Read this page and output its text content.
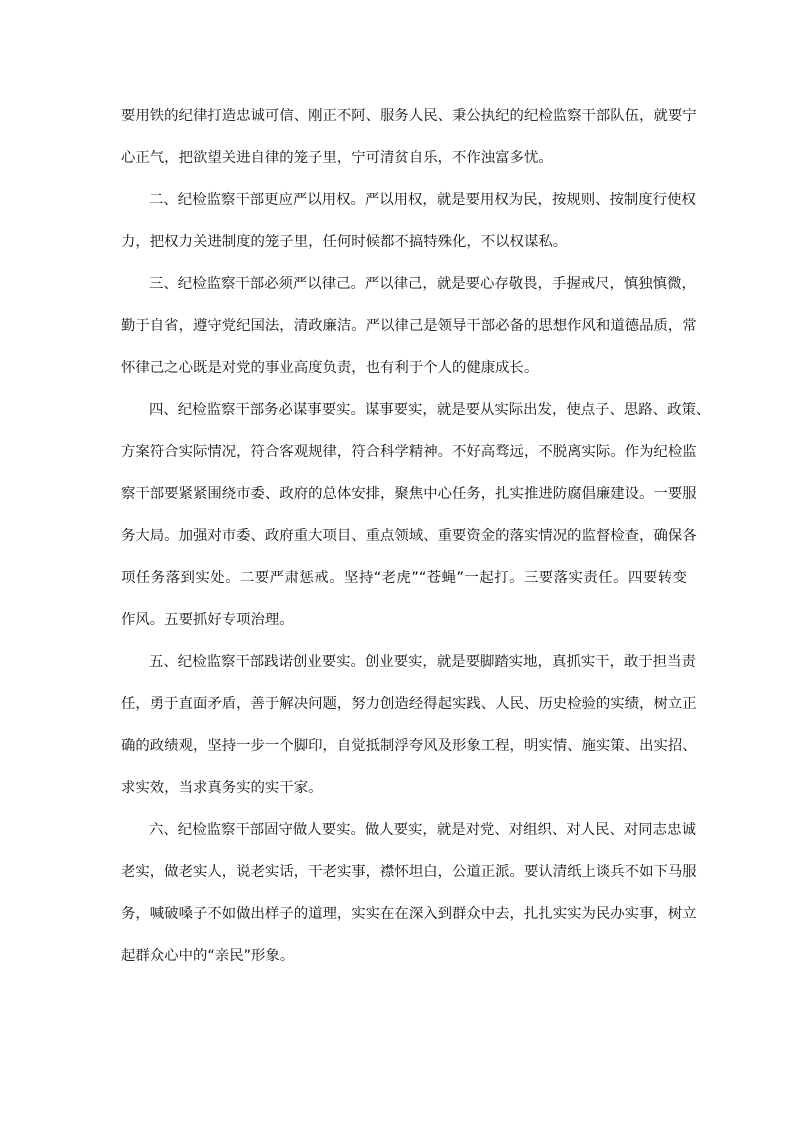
要用铁的纪律打造忠诚可信、刚正不阿、服务人民、秉公执纪的纪检监察干部队伍，就要宁
心正气，把欲望关进自律的笼子里，宁可清贫自乐，不作浊富多忧。
二、纪检监察干部更应严以用权。严以用权，就是要用权为民，按规则、按制度行使权
力，把权力关进制度的笼子里，任何时候都不搞特殊化，不以权谋私。
三、纪检监察干部必须严以律己。严以律己，就是要心存敬畏，手握戒尺，慎独慎微，
勤于自省，遵守党纪国法，清政廉洁。严以律己是领导干部必备的思想作风和道德品质，常
怀律己之心既是对党的事业高度负责，也有利于个人的健康成长。
四、纪检监察干部务必谋事要实。谋事要实，就是要从实际出发，使点子、思路、政策、
方案符合实际情况，符合客观规律，符合科学精神。不好高骛远，不脱离实际。作为纪检监
察干部要紧紧围绕市委、政府的总体安排，聚焦中心任务，扎实推进防腐倡廉建设。一要服
务大局。加强对市委、政府重大项目、重点领域、重要资金的落实情况的监督检查，确保各
项任务落到实处。二要严肃惩戒。坚持“老虎”“苍蝇”一起打。三要落实责任。四要转变
作风。五要抓好专项治理。
五、纪检监察干部践诺创业要实。创业要实，就是要脚踏实地，真抓实干，敢于担当责
任，勇于直面矛盾，善于解决问题，努力创造经得起实践、人民、历史检验的实绩，树立正
确的政绩观，坚持一步一个脚印，自觉抵制浮夸风及形象工程，明实情、施实策、出实招、
求实效，当求真务实的实干家。
六、纪检监察干部固守做人要实。做人要实，就是对党、对组织、对人民、对同志忠诚
老实，做老实人，说老实话，干老实事，襟怀坦白，公道正派。要认清纸上谈兵不如下马服
务，喊破嗓子不如做出样子的道理，实实在在深入到群众中去，扎扎实实为民办实事，树立
起群众心中的“亲民”形象。
